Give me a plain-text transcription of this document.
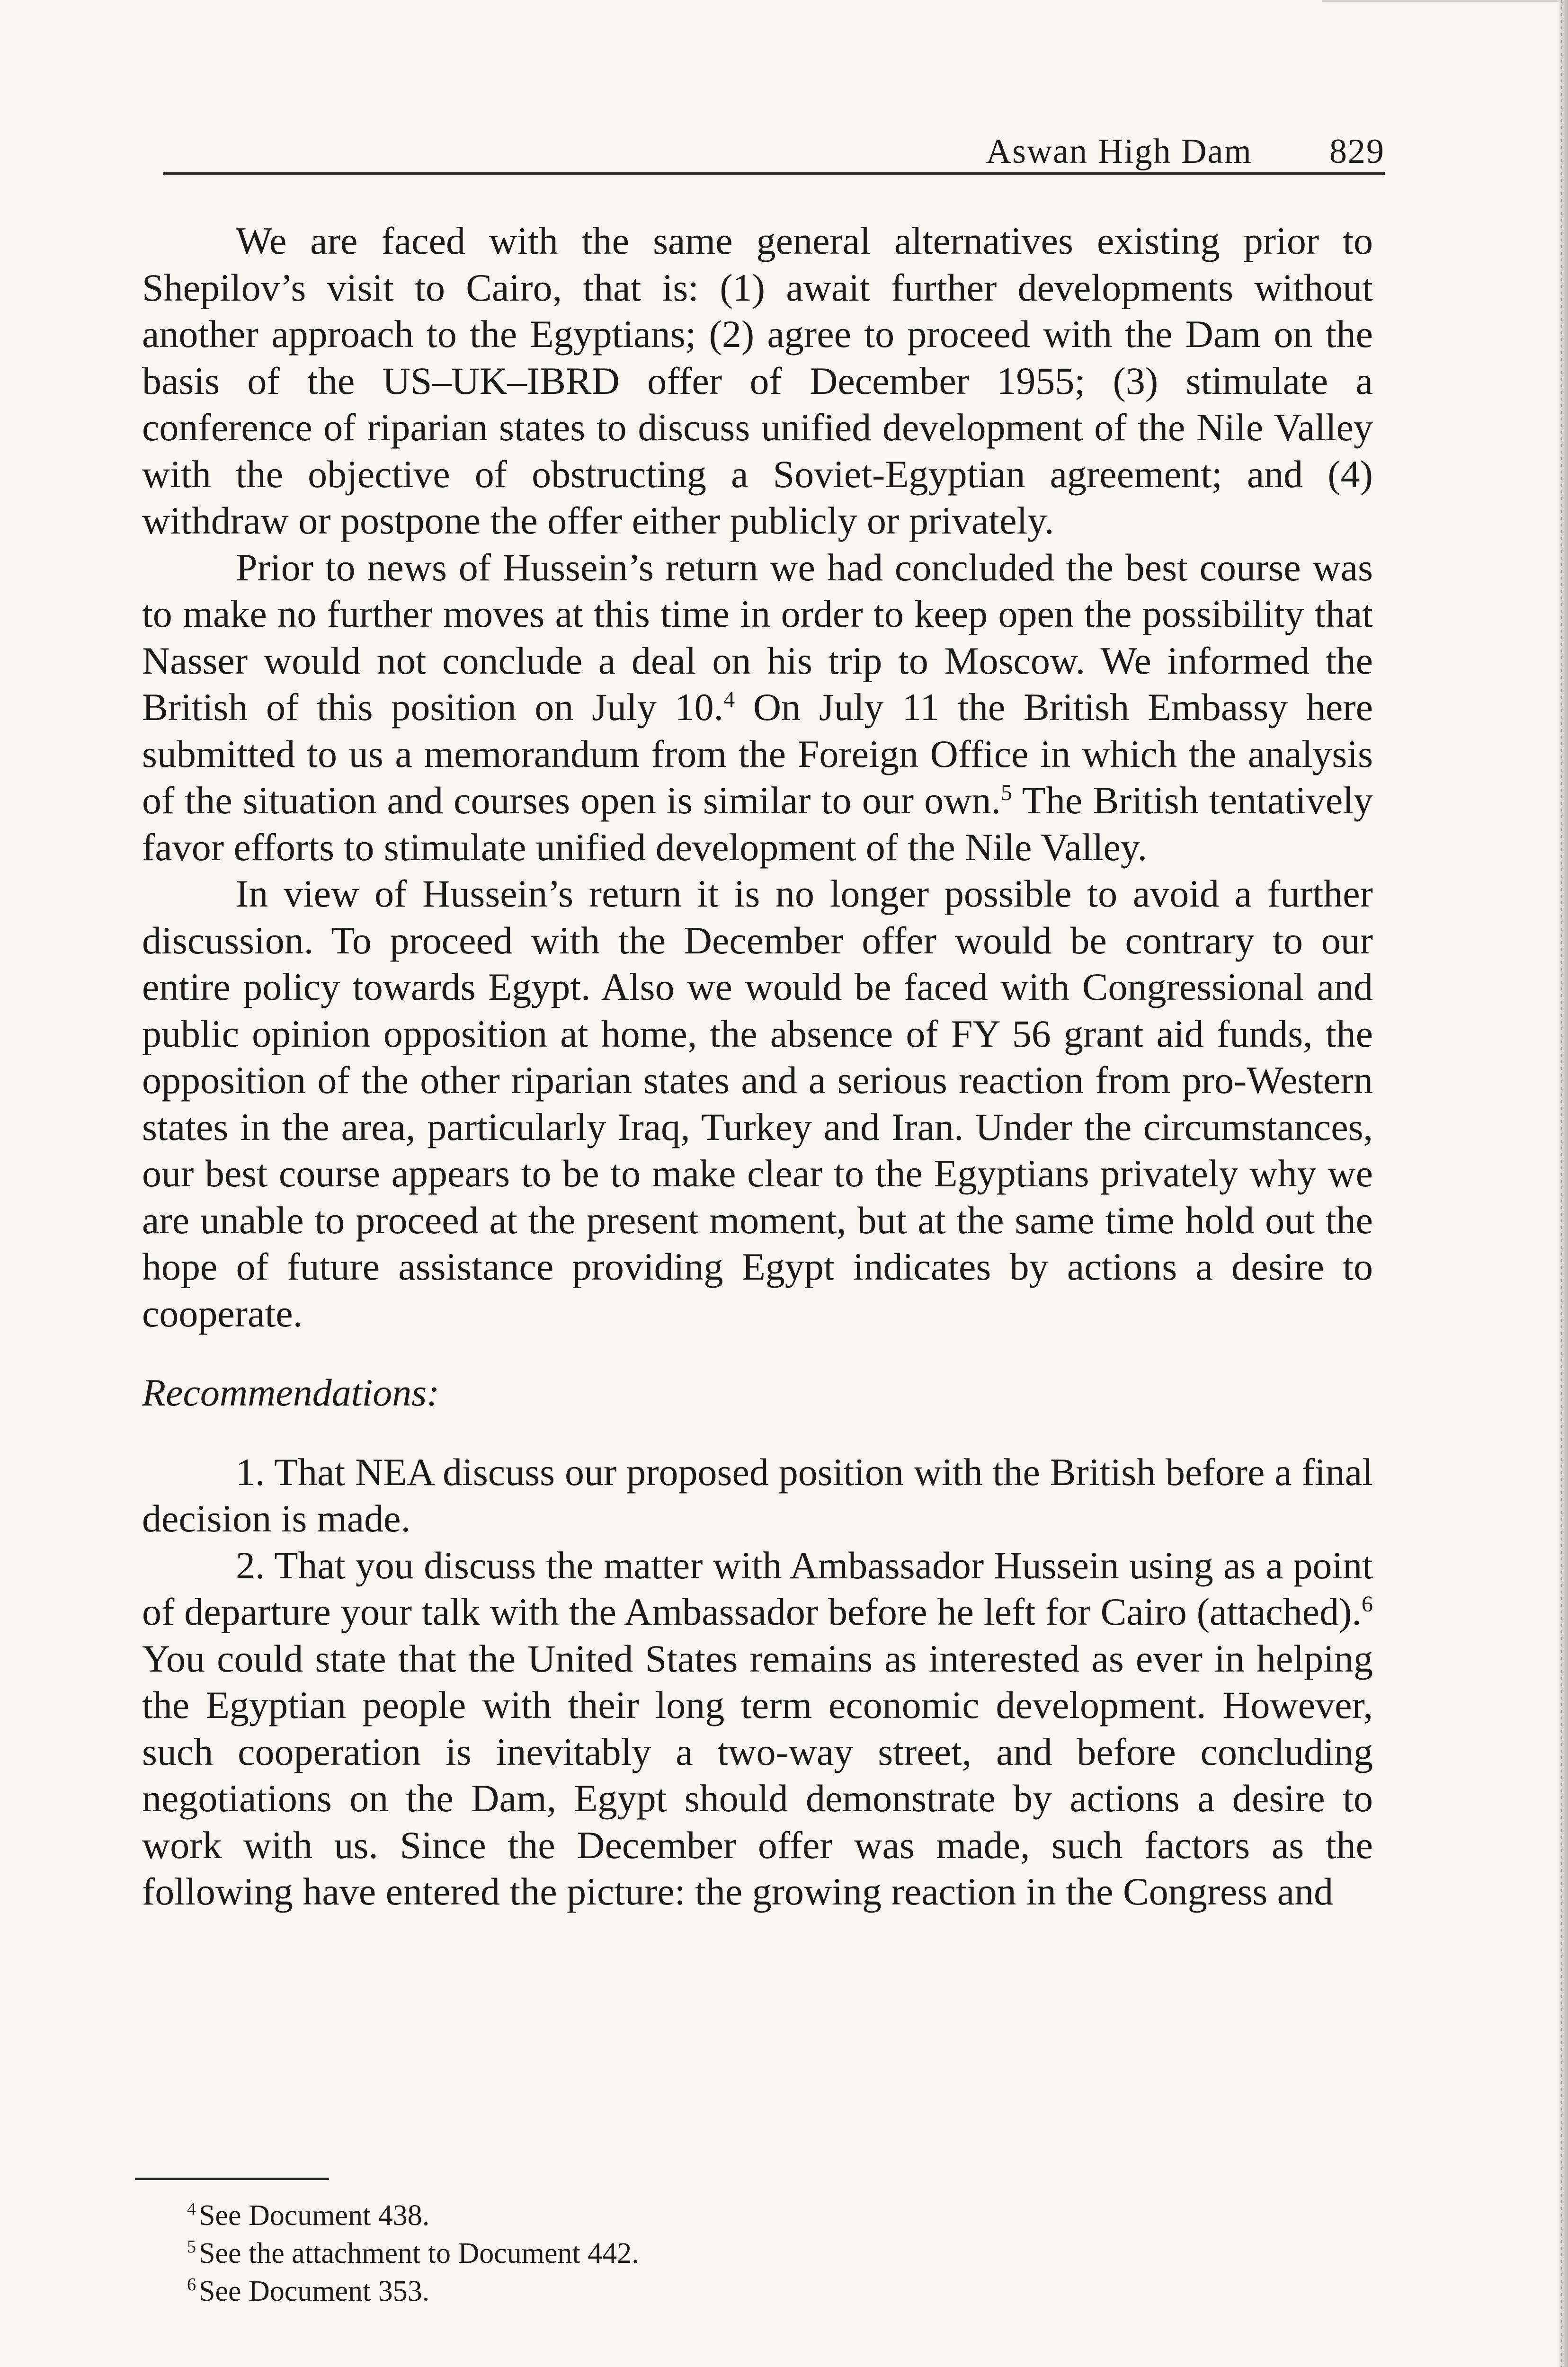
Aswan High Dam 829

We are faced with the same general alternatives existing prior to Shepilov’s visit to Cairo, that is: (1) await further developments without another approach to the Egyptians; (2) agree to proceed with the Dam on the basis of the US–UK–IBRD offer of December 1955; (3) stimulate a conference of riparian states to discuss unified development of the Nile Valley with the objective of obstructing a Soviet-Egyptian agreement; and (4) withdraw or postpone the offer either publicly or privately.

Prior to news of Hussein’s return we had concluded the best course was to make no further moves at this time in order to keep open the possibility that Nasser would not conclude a deal on his trip to Moscow. We informed the British of this position on July 10.$^4$ On July 11 the British Embassy here submitted to us a memorandum from the Foreign Office in which the analysis of the situation and courses open is similar to our own.$^5$ The British tentatively favor efforts to stimulate unified development of the Nile Valley.

In view of Hussein’s return it is no longer possible to avoid a further discussion. To proceed with the December offer would be contrary to our entire policy towards Egypt. Also we would be faced with Congressional and public opinion opposition at home, the absence of FY 56 grant aid funds, the opposition of the other riparian states and a serious reaction from pro-Western states in the area, particularly Iraq, Turkey and Iran. Under the circumstances, our best course appears to be to make clear to the Egyptians privately why we are unable to proceed at the present moment, but at the same time hold out the hope of future assistance providing Egypt indicates by actions a desire to cooperate.

Recommendations:

1. That NEA discuss our proposed position with the British before a final decision is made.

2. That you discuss the matter with Ambassador Hussein using as a point of departure your talk with the Ambassador before he left for Cairo (attached).$^6$ You could state that the United States remains as interested as ever in helping the Egyptian people with their long term economic development. However, such cooperation is inevitably a two-way street, and before concluding negotiations on the Dam, Egypt should demonstrate by actions a desire to work with us. Since the December offer was made, such factors as the following have entered the picture: the growing reaction in the Congress and

$^4$See Document 438.
$^5$See the attachment to Document 442.
$^6$See Document 353.
